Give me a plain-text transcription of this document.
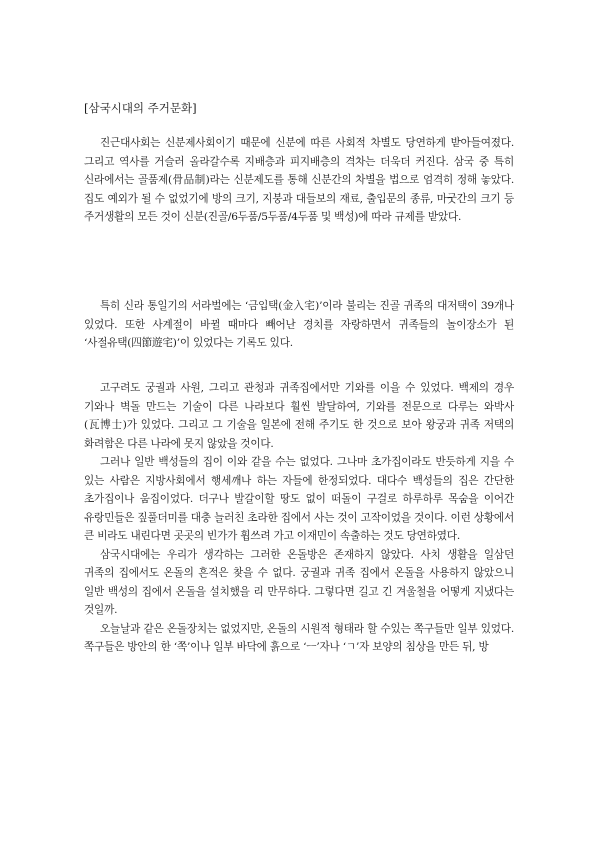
[삼국시대의 주거문화]

진근대사회는 신분제사회이기 때문에 신분에 따른 사회적 차별도 당연하게 받아들여졌다. 그리고 역사를 거슬러 올라갈수록 지배층과 피지배층의 격차는 더욱더 커진다. 삼국 중 특히 신라에서는 골품제(骨品制)라는 신분제도를 통해 신분간의 차별을 법으로 엄격히 정해 놓았다. 집도 예외가 될 수 없었기에 방의 크기, 지붕과 대들보의 재료, 출입문의 종류, 마굿간의 크기 등 주거생활의 모든 것이 신분(진골/6두품/5두품/4두품 및 백성)에 따라 규제를 받았다.

특히 신라 통일기의 서라벌에는 ‘금입택(金入宅)’이라 불리는 진골 귀족의 대저택이 39개나 있었다. 또한 사계절이 바뀔 때마다 빼어난 경치를 자랑하면서 귀족들의 놀이장소가 된 ‘사절유택(四節遊宅)’이 있었다는 기록도 있다.

고구려도 궁궐과 사원, 그리고 관청과 귀족집에서만 기와를 이을 수 있었다. 백제의 경우 기와나 벽돌 만드는 기술이 다른 나라보다 훨씬 발달하여, 기와를 전문으로 다루는 와박사(瓦博士)가 있었다. 그리고 그 기술을 일본에 전해 주기도 한 것으로 보아 왕궁과 귀족 저택의 화려함은 다른 나라에 못지 않았을 것이다.

그러나 일반 백성들의 집이 이와 같을 수는 없었다. 그나마 초가집이라도 반듯하게 지을 수 있는 사람은 지방사회에서 행세깨나 하는 자들에 한정되었다. 대다수 백성들의 집은 간단한 초가집이나 움집이었다. 더구나 발갈이할 땅도 없이 떠돌이 구걸로 하루하루 목숨을 이어간 유랑민들은 짚풀더미를 대충 늘러친 초라한 집에서 사는 것이 고작이었을 것이다. 이런 상황에서 큰 비라도 내린다면 곳곳의 빈가가 휩쓰려 가고 이재민이 속출하는 것도 당연하였다.

삼국시대에는 우리가 생각하는 그러한 온돌방은 존재하지 않았다. 사치 생활을 일삼던 귀족의 집에서도 온돌의 흔적은 찾을 수 없다. 궁궐과 귀족 집에서 온돌을 사용하지 않았으니 일반 백성의 집에서 온돌을 설치했을 리 만무하다. 그렇다면 길고 긴 겨울철을 어떻게 지냈다는 것일까.

오늘날과 같은 온돌장치는 없었지만, 온돌의 시원적 형태라 할 수있는 쪽구들만 일부 있었다. 쪽구들은 방안의 한 ‘쪽’이나 일부 바닥에 흙으로 ‘ㅡ’자나 ‘ㄱ’자 보양의 침상을 만든 뒤, 방
